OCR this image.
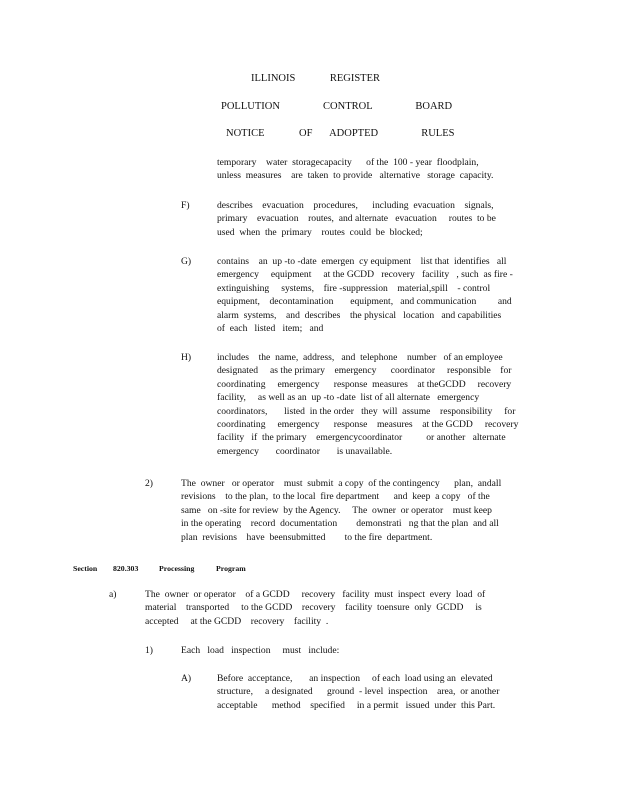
ILLINOIS    REGISTER
POLLUTION     CONTROL     BOARD
NOTICE    OF  ADOPTED     RULES
temporary    water  storagecapacity      of the  100 - year  floodplain,
unless  measures    are  taken  to provide   alternative   storage  capacity.
F)	describes    evacuation    procedures,      including  evacuation    signals,
primary    evacuation    routes,  and alternate   evacuation     routes  to be
used  when  the  primary    routes  could  be  blocked;
G)	contains    an  up -to -date  emergen  cy equipment    list that  identifies   all
emergency     equipment     at the GCDD   recovery   facility   , such  as fire -
extinguishing     systems,    fire -suppression    material,spill    - control
equipment,    decontamination       equipment,   and communication         and
alarm  systems,    and  describes    the physical   location   and capabilities
of  each   listed   item;   and
H)	includes    the  name,  address,   and  telephone    number   of an employee
designated     as the primary    emergency      coordinator     responsible    for
coordinating     emergency      response  measures    at theGCDD     recovery
facility,     as well as an  up -to -date  list of all alternate   emergency
coordinators,       listed  in the order   they  will  assume    responsibility     for
coordinating     emergency      response    measures    at the GCDD     recovery
facility   if  the primary    emergencycoordinator          or another   alternate
emergency       coordinator       is unavailable.
2)	The  owner   or operator    must  submit  a copy  of the contingency      plan,  andall
revisions    to the plan,  to the local  fire department      and  keep  a copy   of the
same   on -site for review  by the Agency.     The  owner  or operator    must keep
in the operating    record  documentation        demonstrati   ng that the plan  and all
plan  revisions    have  beensubmitted        to the fire  department.
Section 820.303	Processing	Program
a)	The  owner  or operator    of a GCDD     recovery   facility  must  inspect  every  load  of
material    transported     to the GCDD    recovery    facility  toensure  only  GCDD     is
accepted     at the GCDD    recovery    facility  .
1)	Each   load   inspection     must   include:
A)	Before  acceptance,       an inspection     of each  load using an  elevated
structure,     a designated      ground  - level  inspection    area,  or another
acceptable      method    specified     in a permit   issued  under  this Part.
